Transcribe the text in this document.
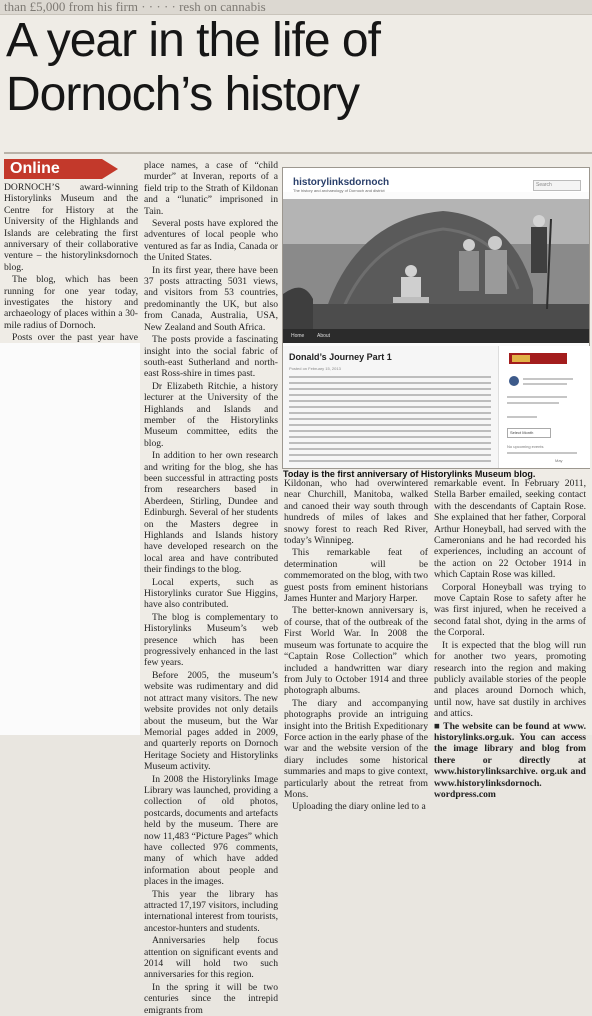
than £5,000 from his firm · · · · · resh on cannabis
A year in the life of
Dornoch’s history
Online

DORNOCH’S award-winning Historylinks Museum and the Centre for History at the University of the Highlands and Islands are celebrating the first anniversary of their collaborative venture – the historylinksdornoch blog.

The blog, which has been running for one year today, investigates the history and archaeology of places within a 30-mile radius of Dornoch.

Posts over the past year have

place names, a case of “child murder” at Inveran, reports of a field trip to the Strath of Kildonan and a “lunatic” imprisoned in Tain.

Several posts have explored the adventures of local people who ventured as far as India, Canada or the United States.

In its first year, there have been 37 posts attracting 5031 views, and visitors from 53 countries, predominantly the UK, but also from Canada, Australia, USA, New Zealand and South Africa.

The posts provide a fascinating insight into the social fabric of south-east Sutherland and north-east Ross-shire in times past.

Dr Elizabeth Ritchie, a history lecturer at the University of the Highlands and Islands and member of the Historylinks Museum committee, edits the blog.

In addition to her own research and writing for the blog, she has been successful in attracting posts from researchers based in Aberdeen, Stirling, Dundee and Edinburgh. Several of her students on the Masters degree in Highlands and Islands history have developed research on the local area and have contributed their findings to the blog.

Local experts, such as Historylinks curator Sue Higgins, have also contributed.

The blog is complementary to Historylinks Museum’s web presence which has been progressively enhanced in the last few years.

Before 2005, the museum’s website was rudimentary and did not attract many visitors. The new website provides not only details about the museum, but the War Memorial pages added in 2009, and quarterly reports on Dornoch Heritage Society and Historylinks Museum activity.

In 2008 the Historylinks Image Library was launched, providing a collection of old photos, postcards, documents and artefacts held by the museum. There are now 11,483 “Picture Pages” which have collected 976 comments, many of which have added information about people and places in the images.

This year the library has attracted 17,197 visitors, including international interest from tourists, ancestor-hunters and students.

Anniversaries help focus attention on significant events and 2014 will hold two such anniversaries for this region.

In the spring it will be two centuries since the intrepid emigrants from

historylinksdornoch
The history and archaeology of Dornoch and district
Search
Home	About
Donald’s Journey Part 1
Posted on February 15, 2013
Select Month
No upcoming events
May
Today is the first anniversary of Historylinks Museum blog.

Kildonan, who had overwintered near Churchill, Manitoba, walked and canoed their way south through hundreds of miles of lakes and snowy forest to reach Red River, today’s Winnipeg.

This remarkable feat of determination will be commemorated on the blog, with two guest posts from eminent historians James Hunter and Marjory Harper.

The better-known anniversary is, of course, that of the outbreak of the First World War. In 2008 the museum was fortunate to acquire the “Captain Rose Collection” which included a handwritten war diary from July to October 1914 and three photograph albums.

The diary and accompanying photographs provide an intriguing insight into the British Expeditionary Force action in the early phase of the war and the website version of the diary includes some historical summaries and maps to give context, particularly about the retreat from Mons.

Uploading the diary online led to a

remarkable event. In February 2011, Stella Barber emailed, seeking contact with the descendants of Captain Rose. She explained that her father, Corporal Arthur Honeyball, had served with the Cameronians and he had recorded his experiences, including an account of the action on 22 October 1914 in which Captain Rose was killed.

Corporal Honeyball was trying to move Captain Rose to safety after he was first injured, when he received a second fatal shot, dying in the arms of the Corporal.

It is expected that the blog will run for another two years, promoting research into the region and making publicly available stories of the people and places around Dornoch which, until now, have sat dustily in archives and attics.

■ The website can be found at www. historylinks.org.uk. You can access the image library and blog from there or directly at www.historylinksarchive. org.uk and www.historylinksdornoch. wordpress.com
